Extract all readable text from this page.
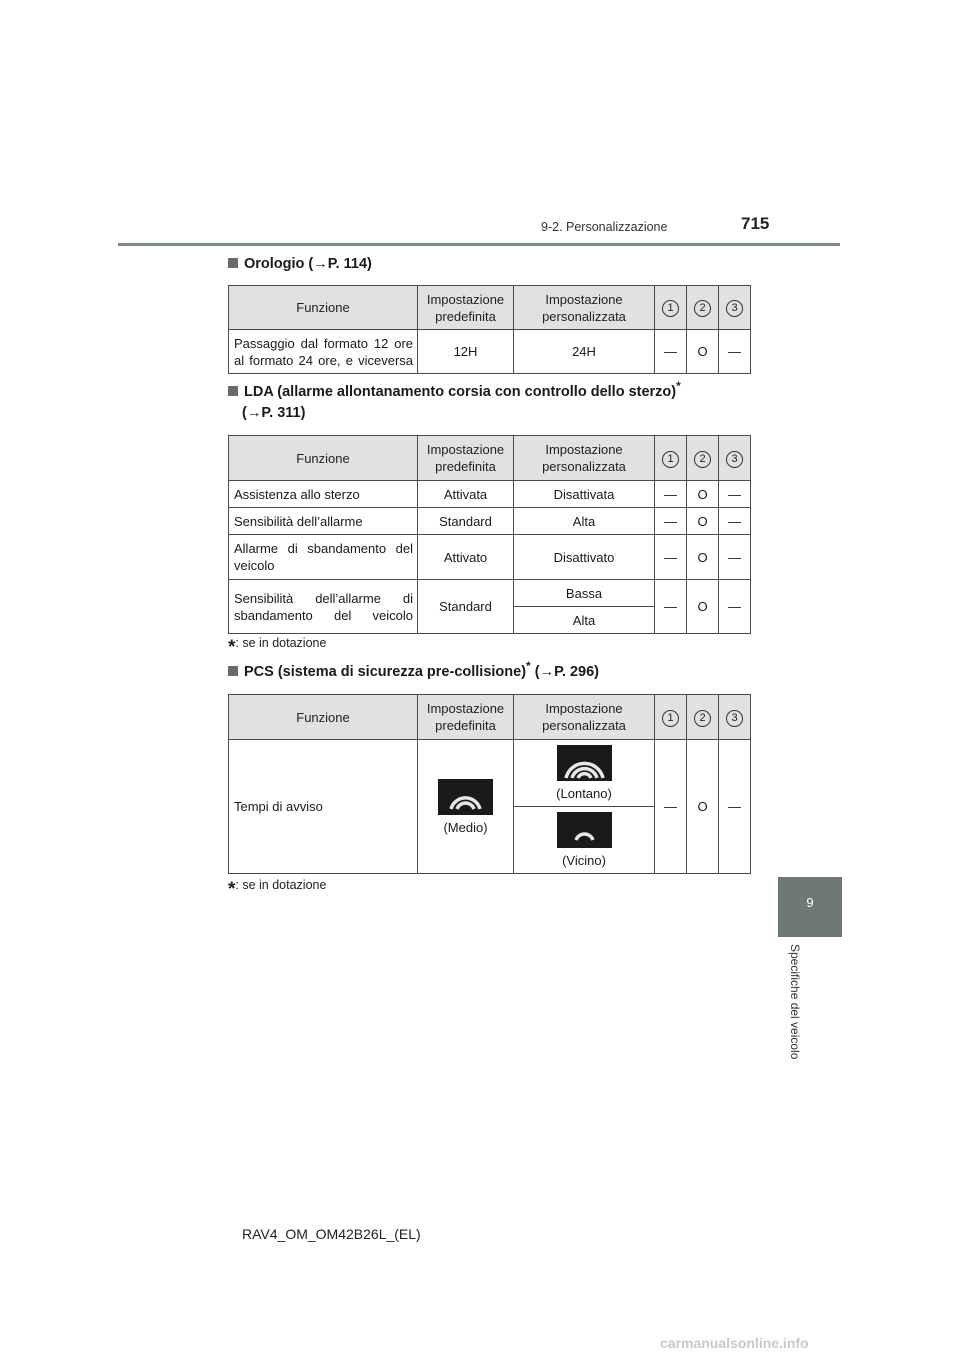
9-2. Personalizzazione	715
9
Specifiche del veicolo
Orologio (→P. 114)
Funzione	Impostazione predefinita	Impostazione personalizzata	1	2	3
Passaggio dal formato 12 ore al formato 24 ore, e viceversa	12H	24H	—	O	—
LDA (allarme allontanamento corsia con controllo dello sterzo)*
(→P. 311)
Funzione	Impostazione predefinita	Impostazione personalizzata	1	2	3
Assistenza allo sterzo	Attivata	Disattivata	—	O	—
Sensibilità dell’allarme	Standard	Alta	—	O	—
Allarme di sbandamento del veicolo	Attivato	Disattivato	—	O	—
Sensibilità dell’allarme di sbandamento del veicolo	Standard	Bassa	—	O	—
		Alta			
*: se in dotazione
PCS (sistema di sicurezza pre-collisione)* (→P. 296)
Funzione	Impostazione predefinita	Impostazione personalizzata	1	2	3
Tempi di avviso	(Medio)	(Lontano)	—	O	—

		(Vicino)			
*: se in dotazione
RAV4_OM_OM42B26L_(EL)
carmanualsonline.info
